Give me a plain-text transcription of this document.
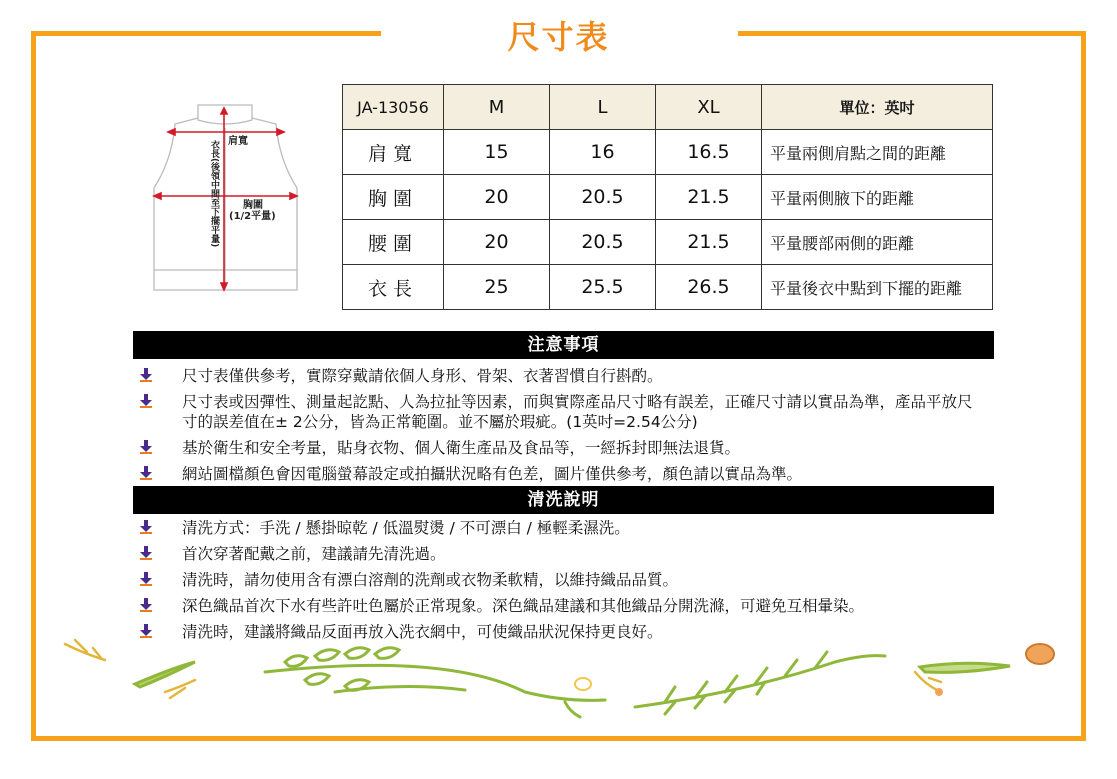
尺寸表
肩寬
衣長(後領中間至下擺平量) 胸圍
(1/2平量)
JA-13056	M	L	XL	單位：英吋
肩寬	15	16	16.5	平量兩側肩點之間的距離
胸圍	20	20.5	21.5	平量兩側腋下的距離
腰圍	20	20.5	21.5	平量腰部兩側的距離
衣長	25	25.5	26.5	平量後衣中點到下擺的距離
注意事項
尺寸表僅供參考，實際穿戴請依個人身形、骨架、衣著習慣自行斟酌。
尺寸表或因彈性、測量起訖點、人為拉扯等因素，而與實際產品尺寸略有誤差，正確尺寸請以實品為準，產品平放尺寸的誤差值在± 2公分，皆為正常範圍。並不屬於瑕疵。(1英吋=2.54公分)
基於衛生和安全考量，貼身衣物、個人衛生產品及食品等，一經拆封即無法退貨。
網站圖檔顏色會因電腦螢幕設定或拍攝狀況略有色差，圖片僅供參考，顏色請以實品為準。
清洗說明
清洗方式：手洗 / 懸掛晾乾 / 低溫熨燙 / 不可漂白 / 極輕柔濕洗。
首次穿著配戴之前，建議請先清洗過。
清洗時，請勿使用含有漂白溶劑的洗劑或衣物柔軟精，以維持織品品質。
深色織品首次下水有些許吐色屬於正常現象。深色織品建議和其他織品分開洗滌，可避免互相暈染。
清洗時，建議將織品反面再放入洗衣網中，可使織品狀況保持更良好。
